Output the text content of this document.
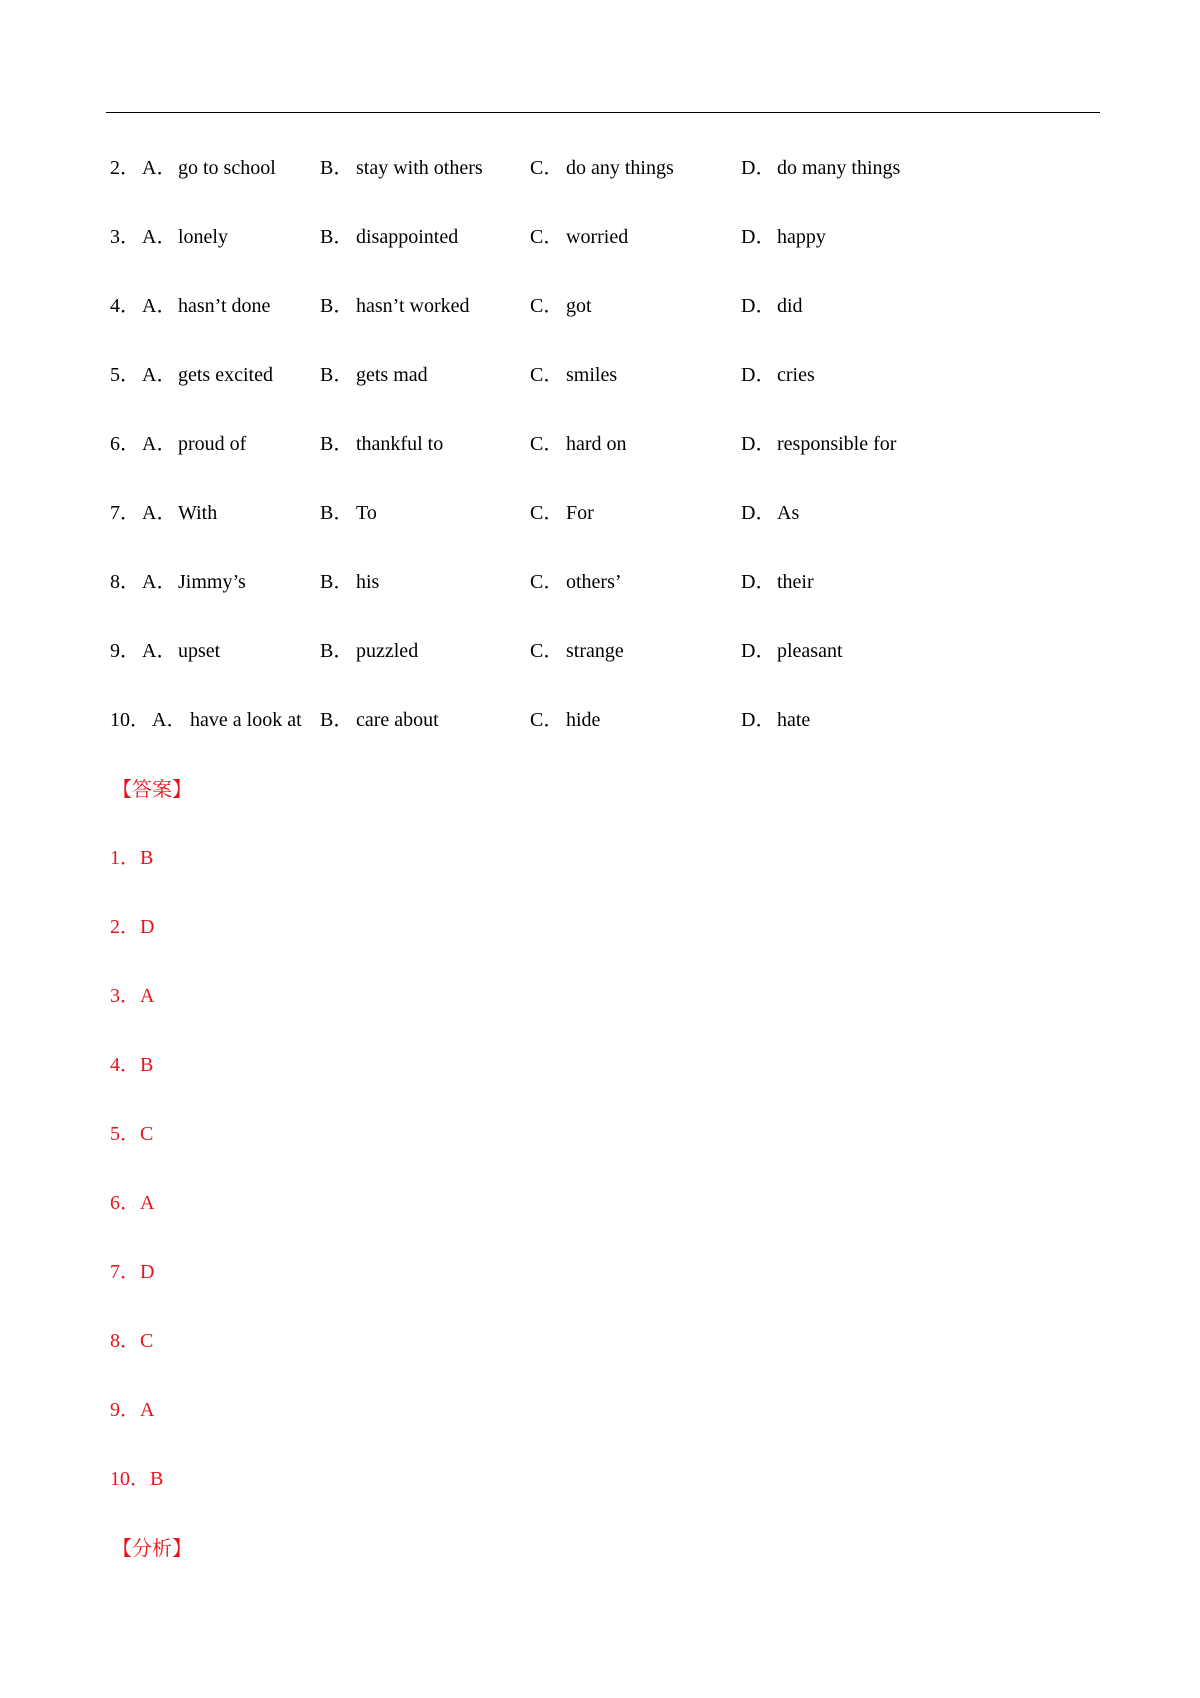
2． A． go to school B． stay with others C． do any things	D． do many things
3． A． lonely	B． disappointed	C． worried	D． happy
4． A． hasn’t done B． hasn’t worked	C． got	D． did
5． A． gets excited B． gets mad	C． smiles	D． cries
6． A． proud of	B． thankful to	C． hard on	D． responsible for
7． A． With	B． To	C． For	D． As
8． A． Jimmy’s	B． his	C． others’	D． their
9． A． upset	B． puzzled	C． strange	D． pleasant
10． A． have a look at B． care about	C． hide	D． hate
【答案】
1．B
2．D
3．A
4．B
5．C
6．A
7．D
8．C
9．A
10．B
【分析】
